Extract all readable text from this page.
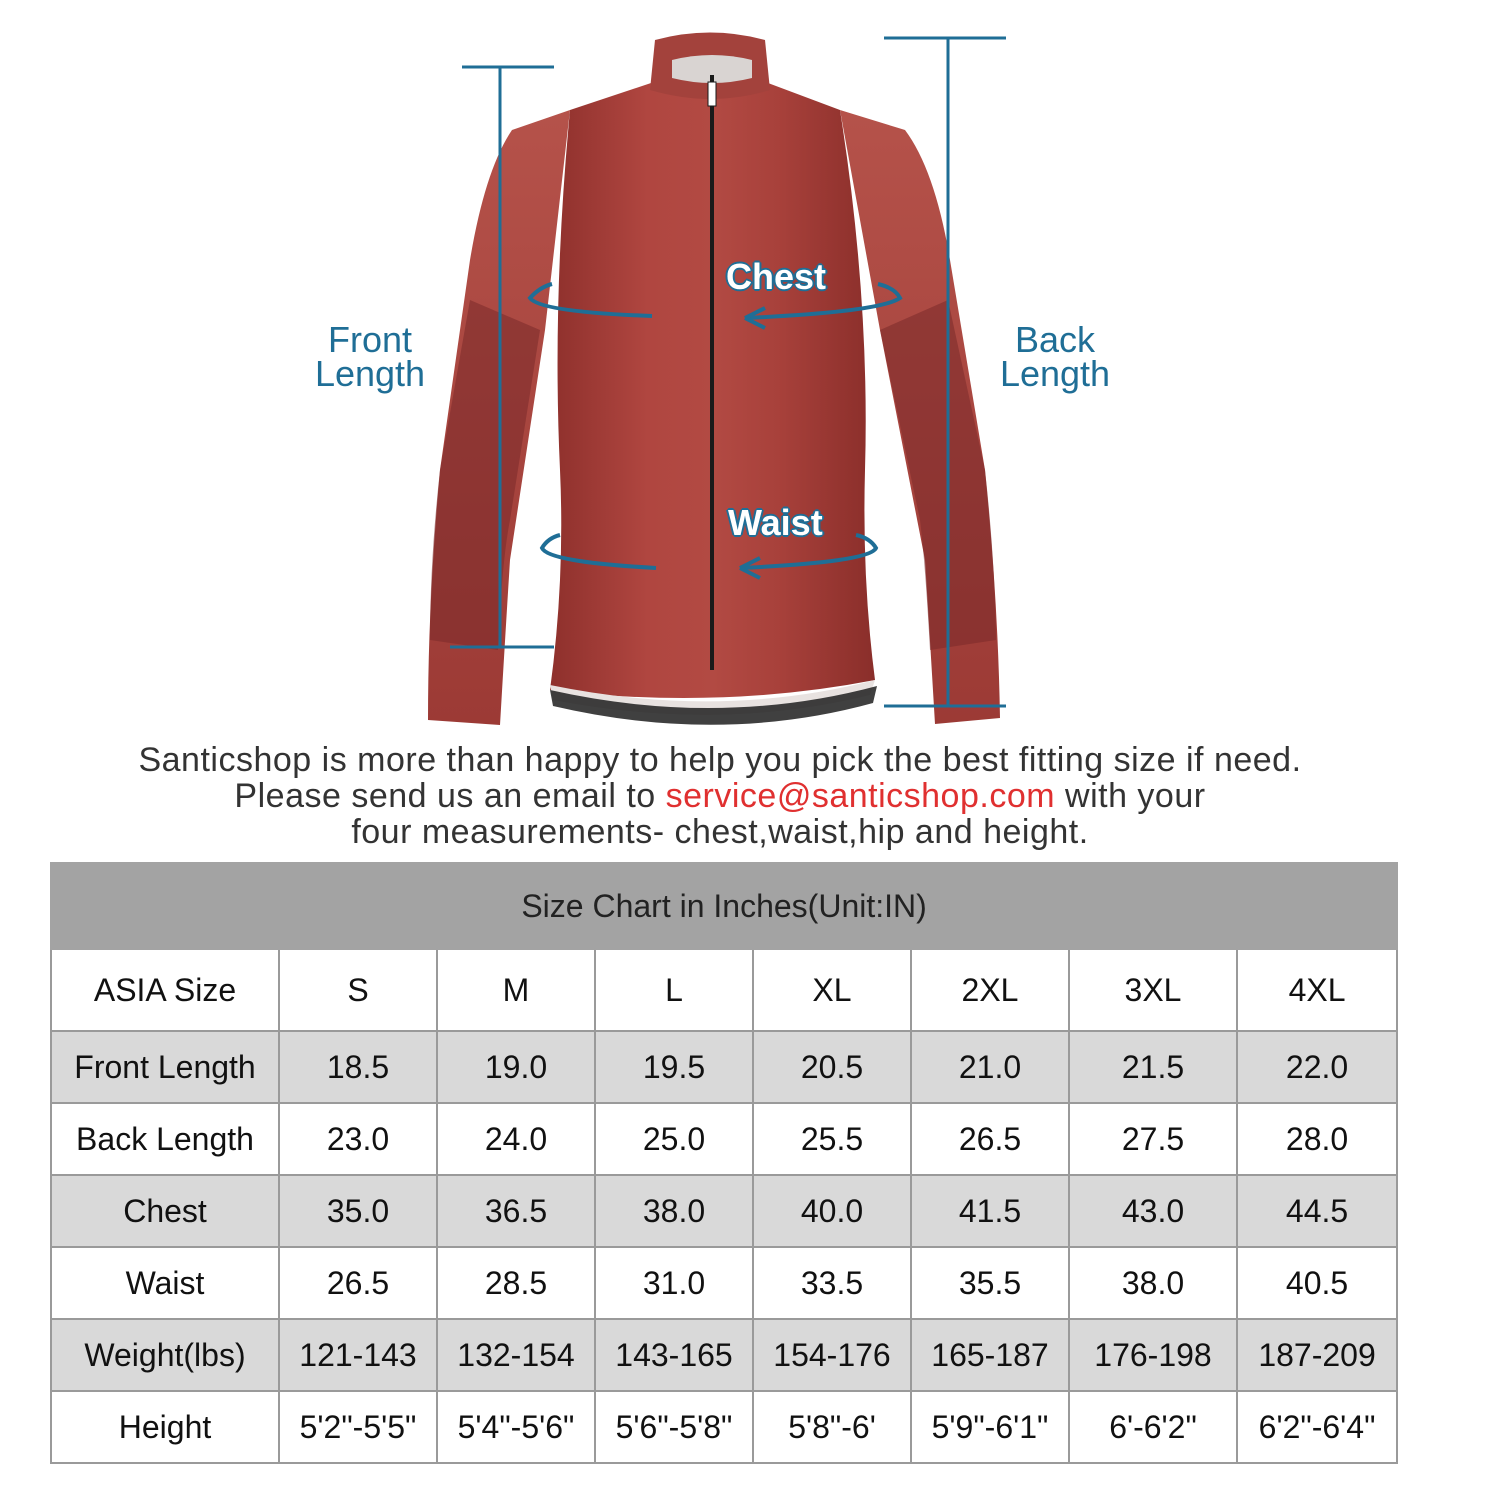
Front
Length
Back
Length
Chest
Waist
Santicshop is more than happy to help you pick the best fitting size if need.
Please send us an email to service@santicshop.com with your
four measurements- chest,waist,hip and height.
Size Chart in Inches(Unit:IN)							
ASIA Size	S	M	L	XL	2XL	3XL	4XL
Front Length	18.5	19.0	19.5	20.5	21.0	21.5	22.0
Back Length	23.0	24.0	25.0	25.5	26.5	27.5	28.0
Chest	35.0	36.5	38.0	40.0	41.5	43.0	44.5
Waist	26.5	28.5	31.0	33.5	35.5	38.0	40.5
Weight(lbs)	121-143	132-154	143-165	154-176	165-187	176-198	187-209
Height	5'2"-5'5"	5'4"-5'6"	5'6"-5'8"	5'8"-6'	5'9"-6'1"	6'-6'2"	6'2"-6'4"
